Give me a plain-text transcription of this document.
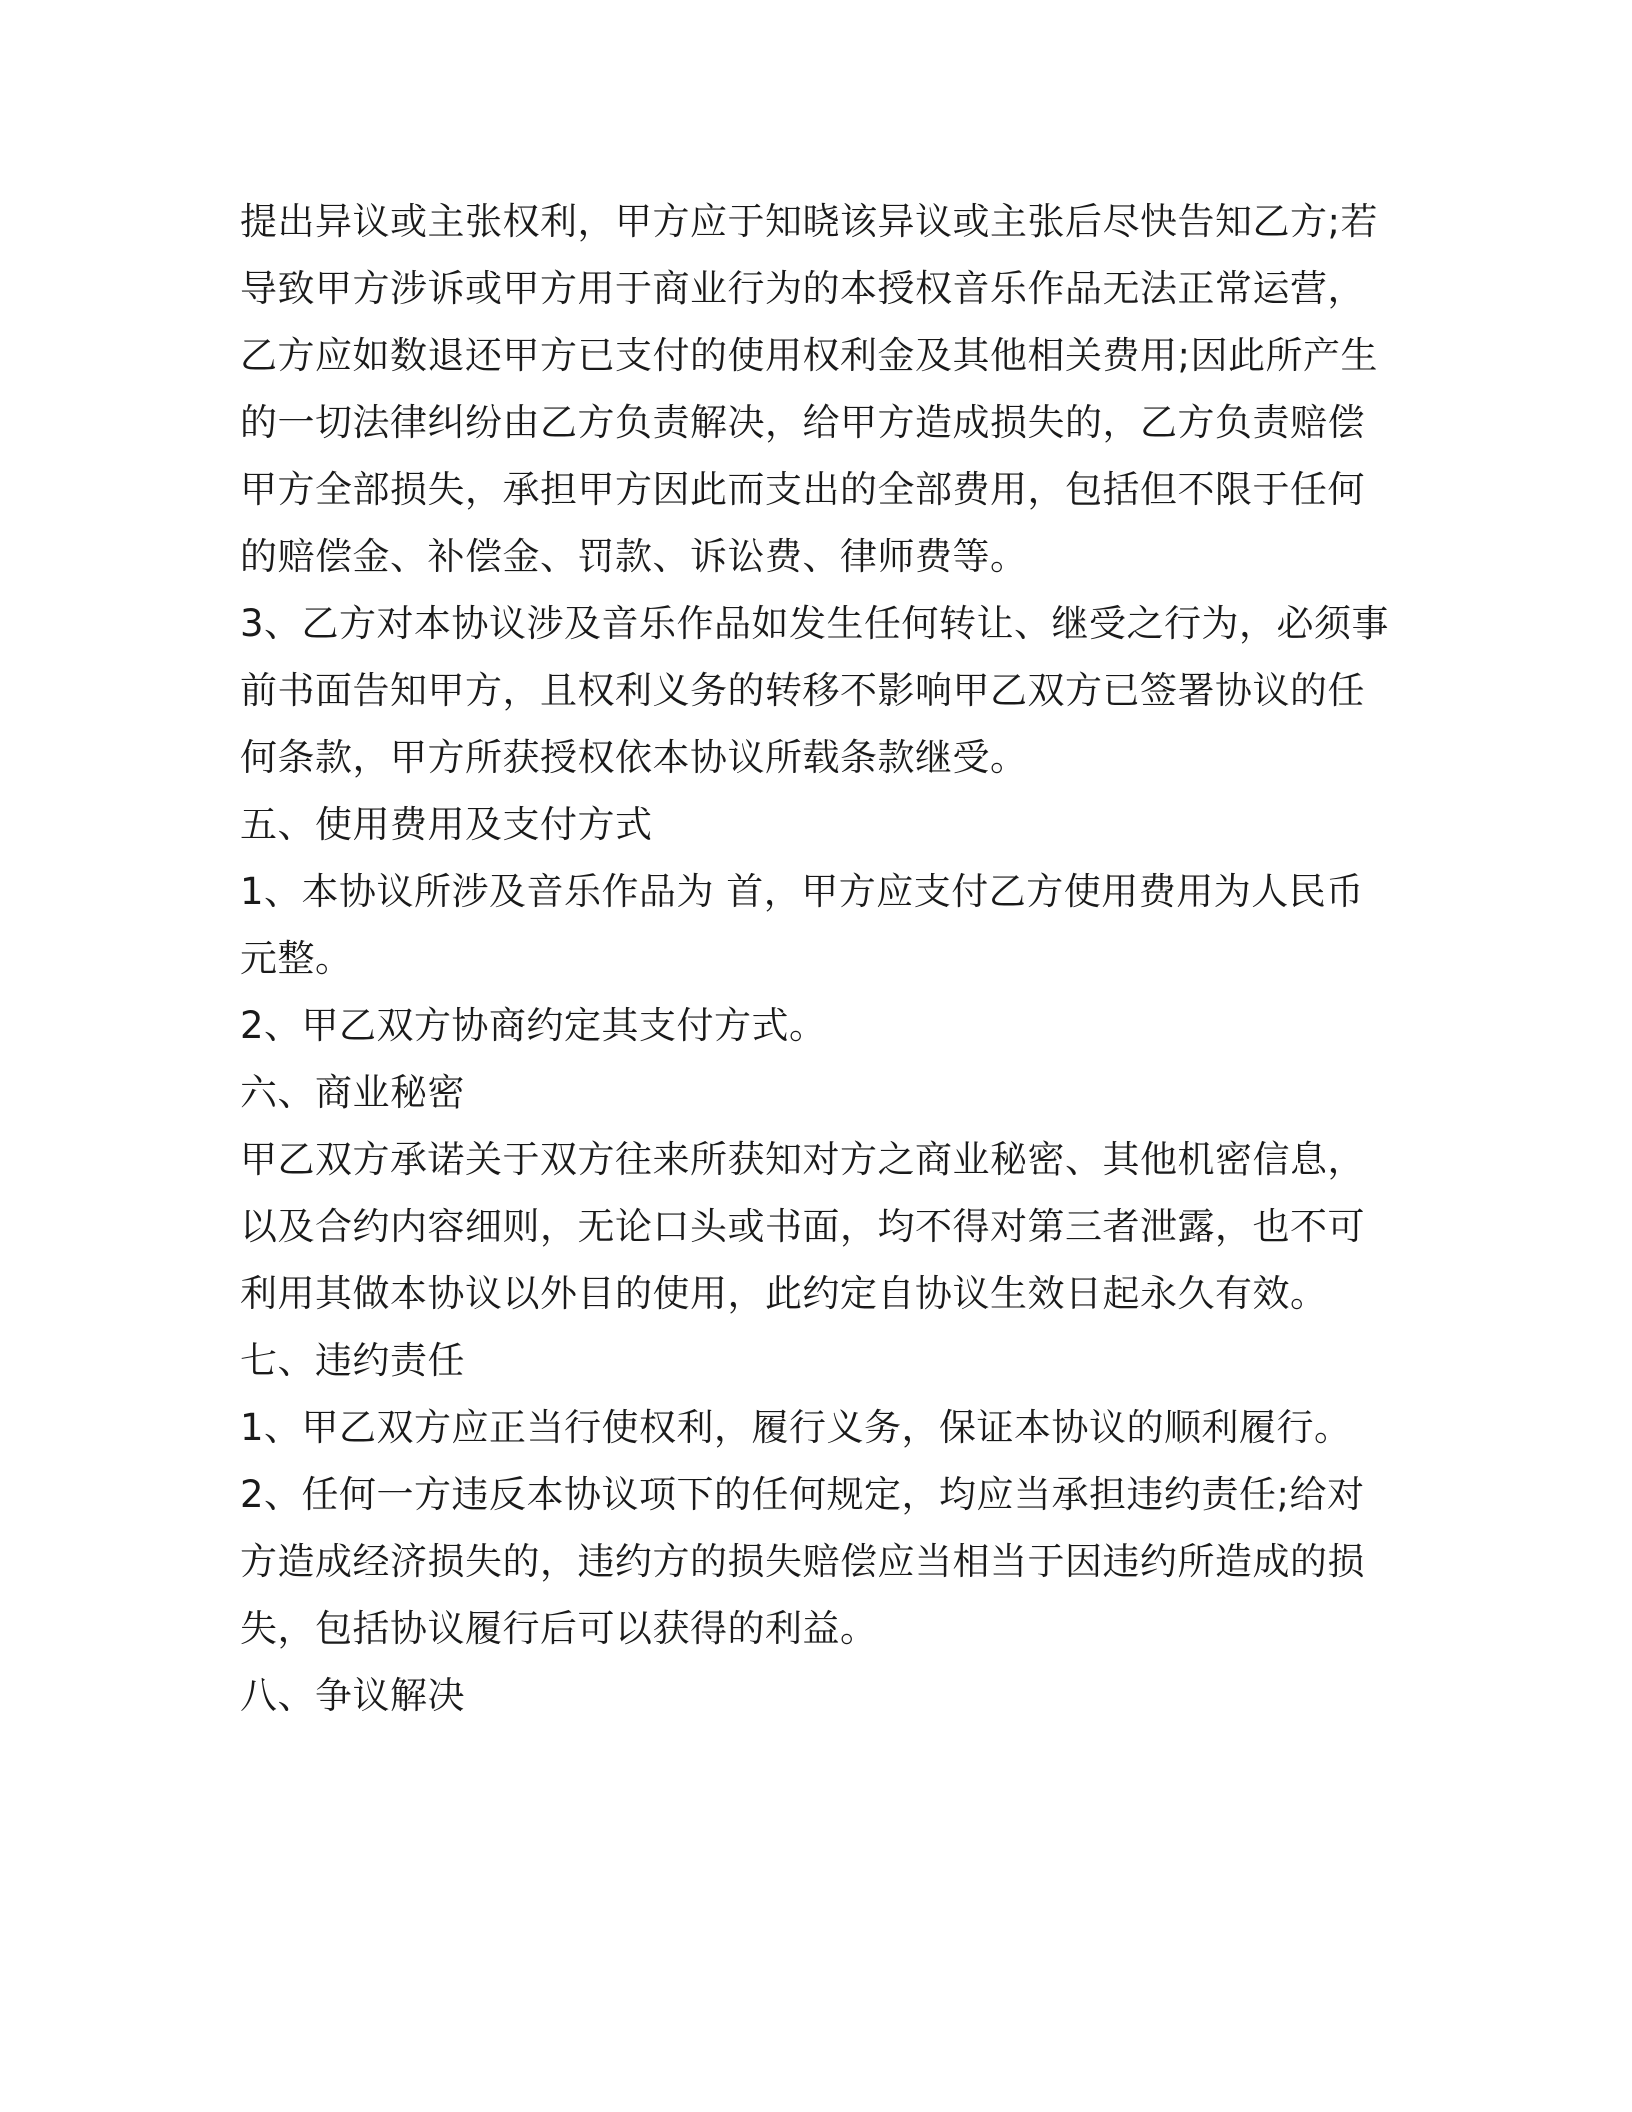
提出异议或主张权利，甲方应于知晓该异议或主张后尽快告知乙方;若
导致甲方涉诉或甲方用于商业行为的本授权音乐作品无法正常运营，
乙方应如数退还甲方已支付的使用权利金及其他相关费用;因此所产生
的一切法律纠纷由乙方负责解决，给甲方造成损失的，乙方负责赔偿
甲方全部损失，承担甲方因此而支出的全部费用，包括但不限于任何
的赔偿金、补偿金、罚款、诉讼费、律师费等。
3、乙方对本协议涉及音乐作品如发生任何转让、继受之行为，必须事
前书面告知甲方，且权利义务的转移不影响甲乙双方已签署协议的任
何条款，甲方所获授权依本协议所载条款继受。
五、使用费用及支付方式
1、本协议所涉及音乐作品为 首，甲方应支付乙方使用费用为人民币
元整。
2、甲乙双方协商约定其支付方式。
六、商业秘密
甲乙双方承诺关于双方往来所获知对方之商业秘密、其他机密信息，
以及合约内容细则，无论口头或书面，均不得对第三者泄露，也不可
利用其做本协议以外目的使用，此约定自协议生效日起永久有效。
七、违约责任
1、甲乙双方应正当行使权利，履行义务，保证本协议的顺利履行。
2、任何一方违反本协议项下的任何规定，均应当承担违约责任;给对
方造成经济损失的，违约方的损失赔偿应当相当于因违约所造成的损
失，包括协议履行后可以获得的利益。
八、争议解决
